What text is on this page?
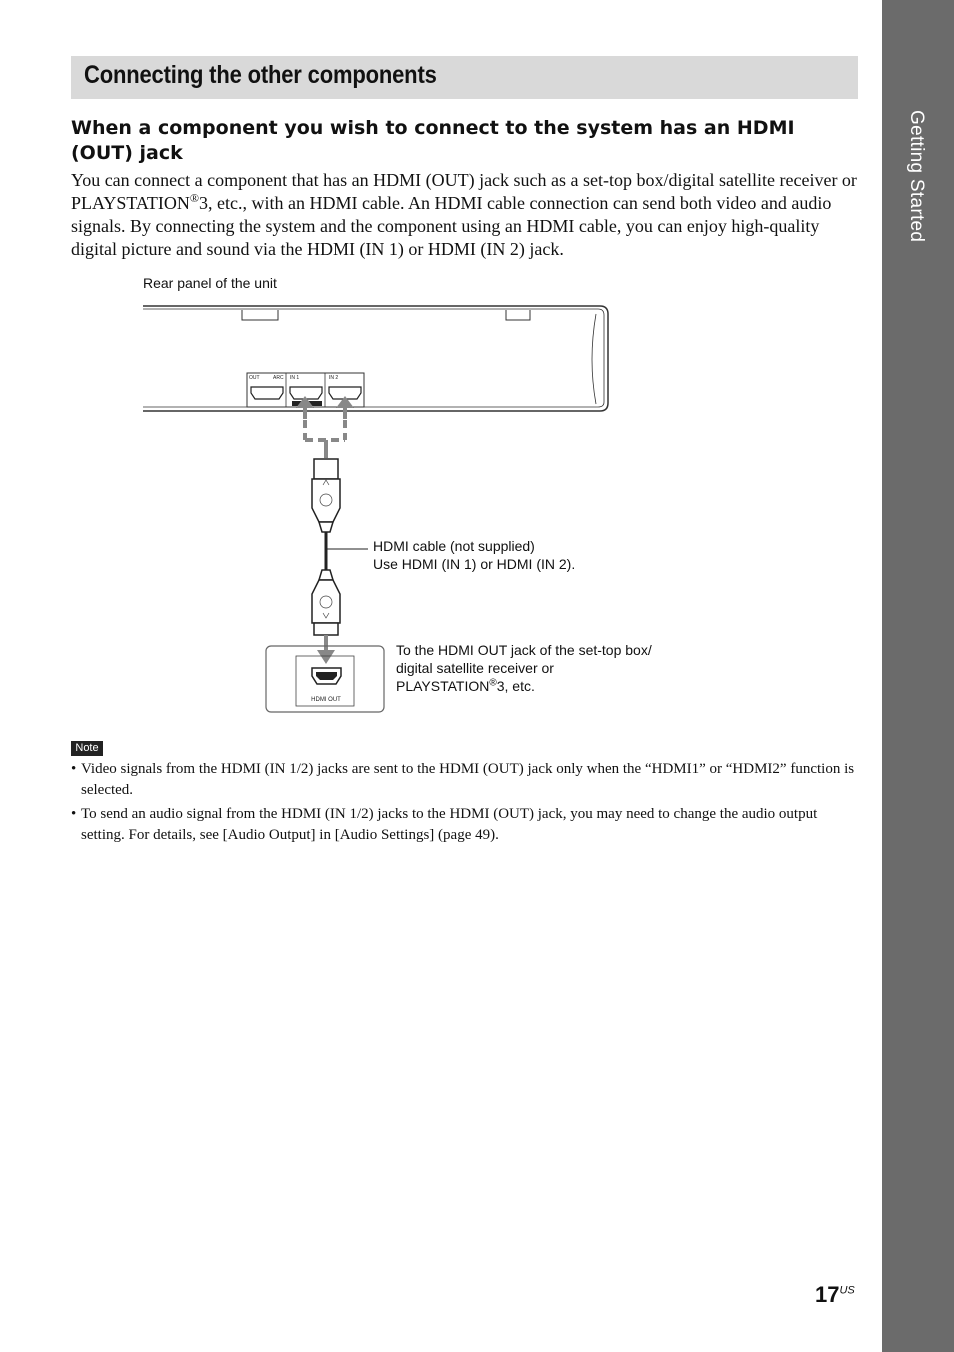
Getting Started
Connecting the other components
When a component you wish to connect to the system has an HDMI (OUT) jack

You can connect a component that has an HDMI (OUT) jack such as a set-top box/digital satellite receiver or PLAYSTATION®3, etc., with an HDMI cable. An HDMI cable connection can send both video and audio signals. By connecting the system and the component using an HDMI cable, you can enjoy high-quality digital picture and sound via the HDMI (IN 1) or HDMI (IN 2) jack.

Rear panel of the unit
OUT	ARC IN 1	IN 2
HDMI OUT
HDMI cable (not supplied)
Use HDMI (IN 1) or HDMI (IN 2).
To the HDMI OUT jack of the set-top box/
digital satellite receiver or
PLAYSTATION®3, etc.
Note
• Video signals from the HDMI (IN 1/2) jacks are sent to the HDMI (OUT) jack only when the “HDMI1” or “HDMI2” function is selected.
• To send an audio signal from the HDMI (IN 1/2) jacks to the HDMI (OUT) jack, you may need to change the audio output setting. For details, see [Audio Output] in [Audio Settings] (page 49).
$17^{US}$
